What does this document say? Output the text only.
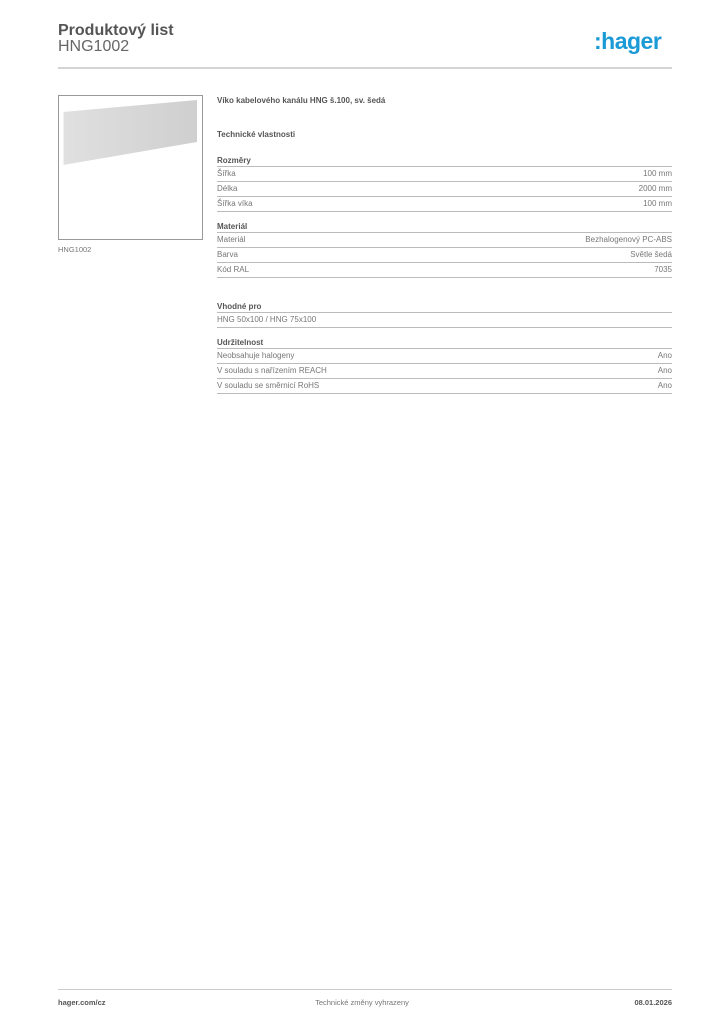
Produktový list
HNG1002	:hager
HNG1002
Víko kabelového kanálu HNG š.100, sv. šedá
Technické vlastnosti
Rozměry
Šířka	100 mm
Délka	2000 mm
Šířka víka	100 mm
Materiál
Materiál	Bezhalogenový PC-ABS
Barva	Světle šedá
Kód RAL	7035
Vhodné pro
HNG 50x100 / HNG 75x100
Udržitelnost
Neobsahuje halogeny	Ano
V souladu s nařízením REACH	Ano
V souladu se směrnicí RoHS	Ano
hager.com/cz	Technické změny vyhrazeny	08.01.2026
